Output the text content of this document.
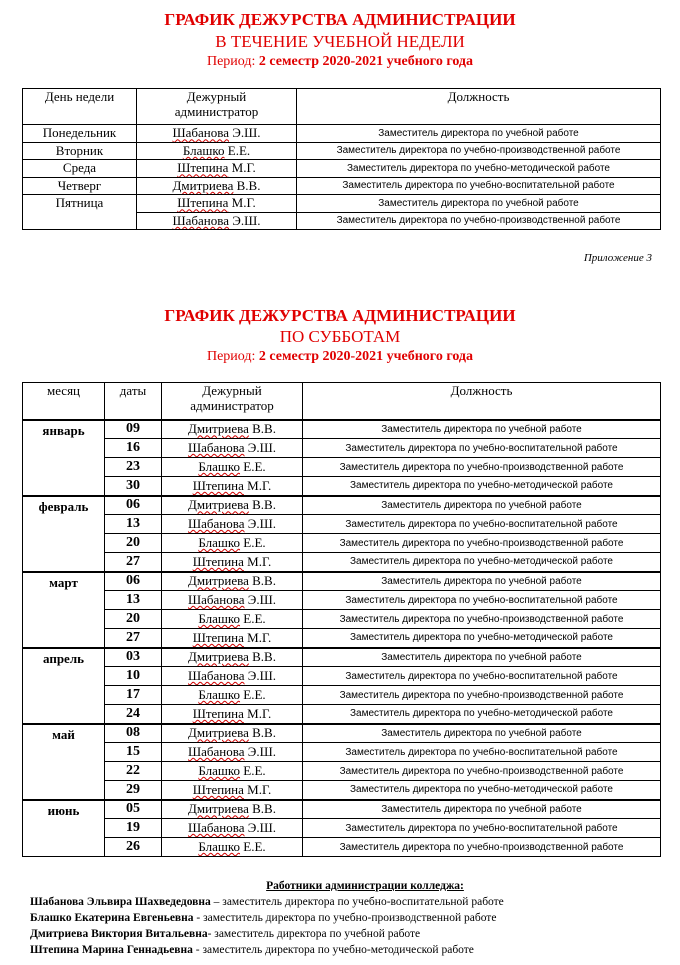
ГРАФИК ДЕЖУРСТВА АДМИНИСТРАЦИИ
В ТЕЧЕНИЕ УЧЕБНОЙ НЕДЕЛИ
Период: 2 семестр 2020-2021 учебного года
День недели	Дежурный администратор	Должность
Понедельник	Шабанова Э.Ш.	Заместитель директора по учебной работе
Вторник	Блашко Е.Е.	Заместитель директора по учебно-производственной работе
Среда	Штепина М.Г.	Заместитель директора по учебно-методической работе
Четверг	Дмитриева В.В.	Заместитель директора по учебно-воспитательной работе
Пятница	Штепина М.Г.	Заместитель директора по учебной работе
	Шабанова Э.Ш.	Заместитель директора по учебно-производственной работе
Приложение 3
ГРАФИК ДЕЖУРСТВА АДМИНИСТРАЦИИ
ПО СУББОТАМ
Период: 2 семестр 2020-2021 учебного года
месяц	даты	Дежурный администратор	Должность
январь	09	Дмитриева В.В.	Заместитель директора по учебной работе
	16	Шабанова Э.Ш.	Заместитель директора по учебно-воспитательной работе
	23	Блашко Е.Е.	Заместитель директора по учебно-производственной работе
	30	Штепина М.Г.	Заместитель директора по учебно-методической работе
февраль	06	Дмитриева В.В.	Заместитель директора по учебной работе
	13	Шабанова Э.Ш.	Заместитель директора по учебно-воспитательной работе
	20	Блашко Е.Е.	Заместитель директора по учебно-производственной работе
	27	Штепина М.Г.	Заместитель директора по учебно-методической работе
март	06	Дмитриева В.В.	Заместитель директора по учебной работе
	13	Шабанова Э.Ш.	Заместитель директора по учебно-воспитательной работе
	20	Блашко Е.Е.	Заместитель директора по учебно-производственной работе
	27	Штепина М.Г.	Заместитель директора по учебно-методической работе
апрель	03	Дмитриева В.В.	Заместитель директора по учебной работе
	10	Шабанова Э.Ш.	Заместитель директора по учебно-воспитательной работе
	17	Блашко Е.Е.	Заместитель директора по учебно-производственной работе
	24	Штепина М.Г.	Заместитель директора по учебно-методической работе
май	08	Дмитриева В.В.	Заместитель директора по учебной работе
	15	Шабанова Э.Ш.	Заместитель директора по учебно-воспитательной работе
	22	Блашко Е.Е.	Заместитель директора по учебно-производственной работе
	29	Штепина М.Г.	Заместитель директора по учебно-методической работе
июнь	05	Дмитриева В.В.	Заместитель директора по учебной работе
	19	Шабанова Э.Ш.	Заместитель директора по учебно-воспитательной работе
	26	Блашко Е.Е.	Заместитель директора по учебно-производственной работе
Работники администрации колледжа:
Шабанова Эльвира Шахведедовна – заместитель директора по учебно-воспитательной работе
Блашко Екатерина Евгеньевна - заместитель директора по учебно-производственной работе
Дмитриева Виктория Витальевна- заместитель директора по учебной работе
Штепина Марина Геннадьевна - заместитель директора по учебно-методической работе
